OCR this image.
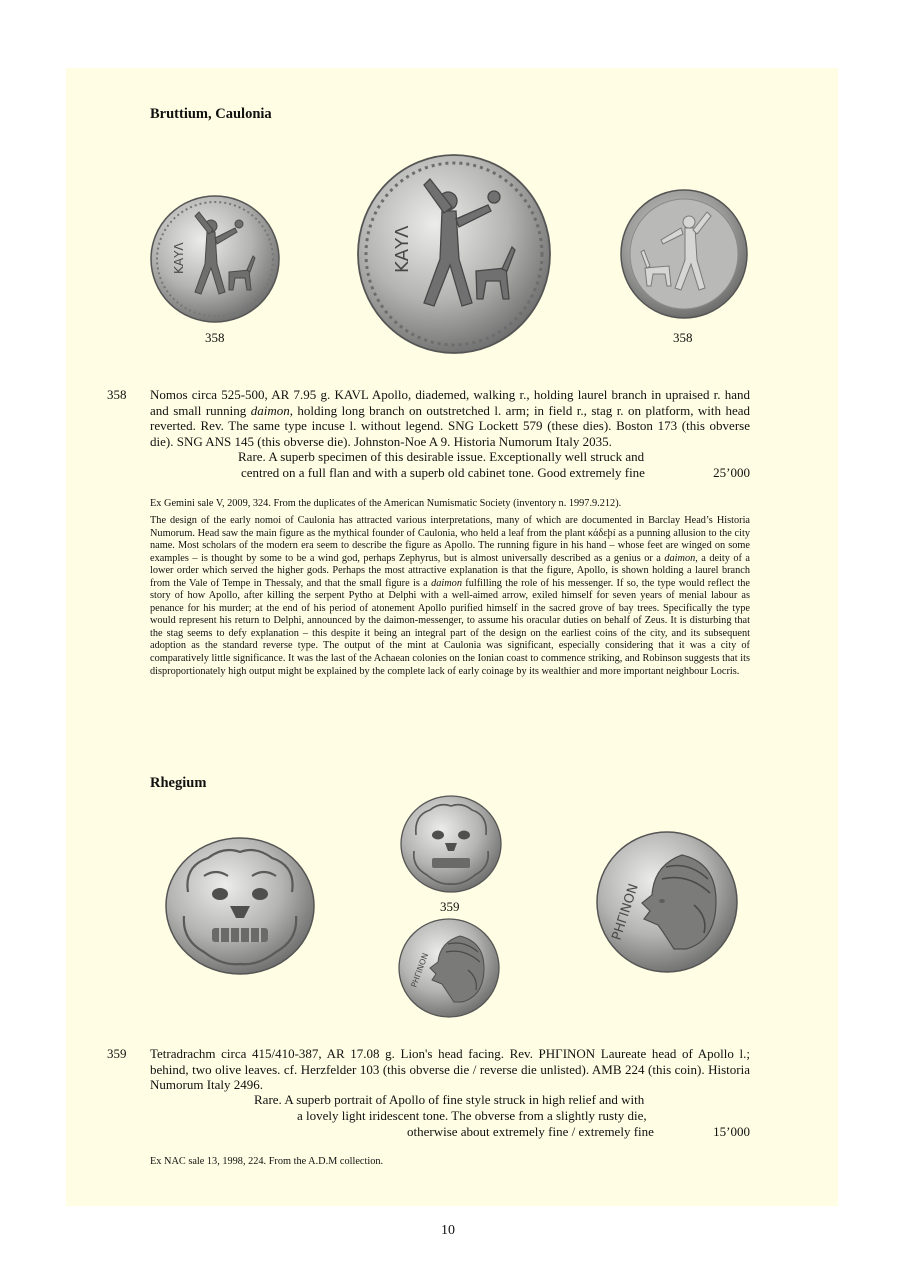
Bruttium, Caulonia
ΚΑΥΛ	ΚΑΥΛ
358	358
358 Nomos circa 525-500, AR 7.95 g. KAVL Apollo, diademed, walking r., holding laurel branch in upraised r. hand and small running daimon, holding long branch on outstretched l. arm; in field r., stag r. on platform, with head reverted. Rev. The same type incuse l. without legend. SNG Lockett 579 (these dies). Boston 173 (this obverse die). SNG ANS 145 (this obverse die). Johnston-Noe A 9. Historia Numorum Italy 2035.
Rare. A superb specimen of this desirable issue. Exceptionally well struck and
centred on a full flan and with a superb old cabinet tone. Good extremely fine	25’000
Ex Gemini sale V, 2009, 324. From the duplicates of the American Numismatic Society (inventory n. 1997.9.212).
The design of the early nomoi of Caulonia has attracted various interpretations, many of which are documented in Barclay Head’s Historia Numorum. Head saw the main figure as the mythical founder of Caulonia, who held a leaf from the plant κάδεþí as a punning allusion to the city name. Most scholars of the modern era seem to describe the figure as Apollo. The running figure in his hand – whose feet are winged on some examples – is thought by some to be a wind god, perhaps Zephyrus, but is almost universally described as a genius or a daimon, a deity of a lower order which served the higher gods. Perhaps the most attractive explanation is that the figure, Apollo, is shown holding a laurel branch from the Vale of Tempe in Thessaly, and that the small figure is a daimon fulfilling the role of his messenger. If so, the type would reflect the story of how Apollo, after killing the serpent Pytho at Delphi with a well-aimed arrow, exiled himself for seven years of menial labour as penance for his murder; at the end of his period of atonement Apollo purified himself in the sacred grove of bay trees. Specifically the type would represent his return to Delphi, announced by the daimon-messenger, to assume his oracular duties on behalf of Zeus. It is disturbing that the stag seems to defy explanation – this despite it being an integral part of the design on the earliest coins of the city, and its subsequent adoption as the standard reverse type. The output of the mint at Caulonia was significant, especially considering that it was a city of comparatively little significance. It was the last of the Achaean colonies on the Ionian coast to commence striking, and Robinson suggests that its disproportionately high output might be explained by the complete lack of early coinage by its wealthier and more important neighbour Locris.
Rhegium
359
ΡΗΓΙΝΟΝ
ΡΗΓΙΝΟΝ
359 Tetradrachm circa 415/410-387, AR 17.08 g. Lion's head facing. Rev. ΡΗΓΙΝΟΝ Laureate head of Apollo l.; behind, two olive leaves. cf. Herzfelder 103 (this obverse die / reverse die unlisted). AMB 224 (this coin). Historia Numorum Italy 2496.
Rare. A superb portrait of Apollo of fine style struck in high relief and with
a lovely light iridescent tone. The obverse from a slightly rusty die,
otherwise about extremely fine / extremely fine	15’000
Ex NAC sale 13, 1998, 224. From the A.D.M collection.
10
